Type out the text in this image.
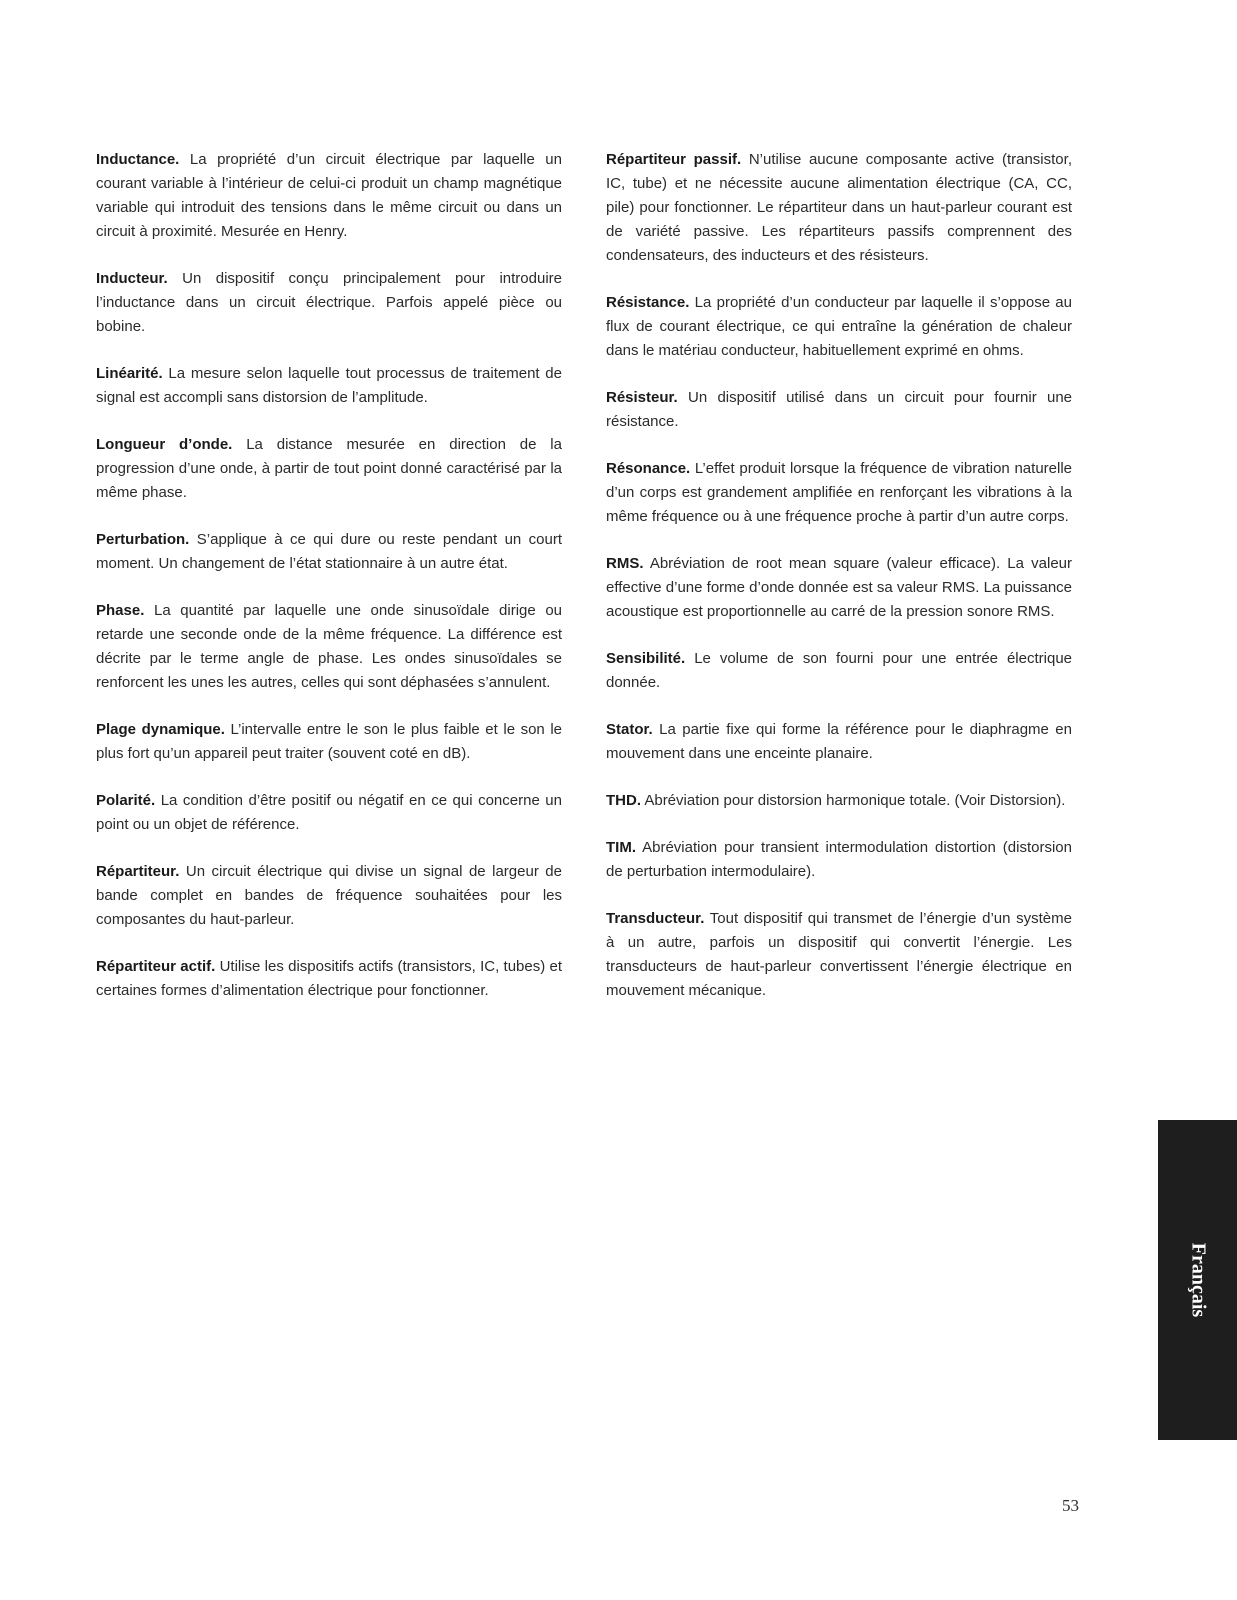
Inductance. La propriété d’un circuit électrique par laquelle un courant variable à l’intérieur de celui-ci produit un champ magnétique variable qui introduit des tensions dans le même circuit ou dans un circuit à proximité. Mesurée en Henry.

Inducteur. Un dispositif conçu principalement pour introduire l’inductance dans un circuit électrique. Parfois appelé pièce ou bobine.

Linéarité. La mesure selon laquelle tout processus de traitement de signal est accompli sans distorsion de l’amplitude.

Longueur d’onde. La distance mesurée en direction de la progression d’une onde, à partir de tout point donné caractérisé par la même phase.

Perturbation. S’applique à ce qui dure ou reste pendant un court moment. Un changement de l’état stationnaire à un autre état.

Phase. La quantité par laquelle une onde sinusoïdale dirige ou retarde une seconde onde de la même fréquence. La différence est décrite par le terme angle de phase. Les ondes sinusoïdales se renforcent les unes les autres, celles qui sont déphasées s’annulent.

Plage dynamique. L’intervalle entre le son le plus faible et le son le plus fort qu’un appareil peut traiter (souvent coté en dB).

Polarité. La condition d’être positif ou négatif en ce qui concerne un point ou un objet de référence.

Répartiteur. Un circuit électrique qui divise un signal de largeur de bande complet en bandes de fréquence souhaitées pour les composantes du haut-parleur.

Répartiteur actif. Utilise les dispositifs actifs (transistors, IC, tubes) et certaines formes d’alimentation électrique pour fonctionner.

Répartiteur passif. N’utilise aucune composante active (transistor, IC, tube) et ne nécessite aucune alimentation électrique (CA, CC, pile) pour fonctionner. Le répartiteur dans un haut-parleur courant est de variété passive. Les répartiteurs passifs comprennent des condensateurs, des inducteurs et des résisteurs.

Résistance. La propriété d’un conducteur par laquelle il s’oppose au flux de courant électrique, ce qui entraîne la génération de chaleur dans le matériau conducteur, habituellement exprimé en ohms.

Résisteur. Un dispositif utilisé dans un circuit pour fournir une résistance.

Résonance. L’effet produit lorsque la fréquence de vibration naturelle d’un corps est grandement amplifiée en renforçant les vibrations à la même fréquence ou à une fréquence proche à partir d’un autre corps.

RMS. Abréviation de root mean square (valeur efficace). La valeur effective d’une forme d’onde donnée est sa valeur RMS. La puissance acoustique est proportionnelle au carré de la pression sonore RMS.

Sensibilité. Le volume de son fourni pour une entrée électrique donnée.

Stator. La partie fixe qui forme la référence pour le diaphragme en mouvement dans une enceinte planaire.

THD. Abréviation pour distorsion harmonique totale. (Voir Distorsion).

TIM. Abréviation pour transient intermodulation distortion (distorsion de perturbation intermodulaire).

Transducteur. Tout dispositif qui transmet de l’énergie d’un système à un autre, parfois un dispositif qui convertit l’énergie. Les transducteurs de haut-parleur convertissent l’énergie électrique en mouvement mécanique.

Français
53
